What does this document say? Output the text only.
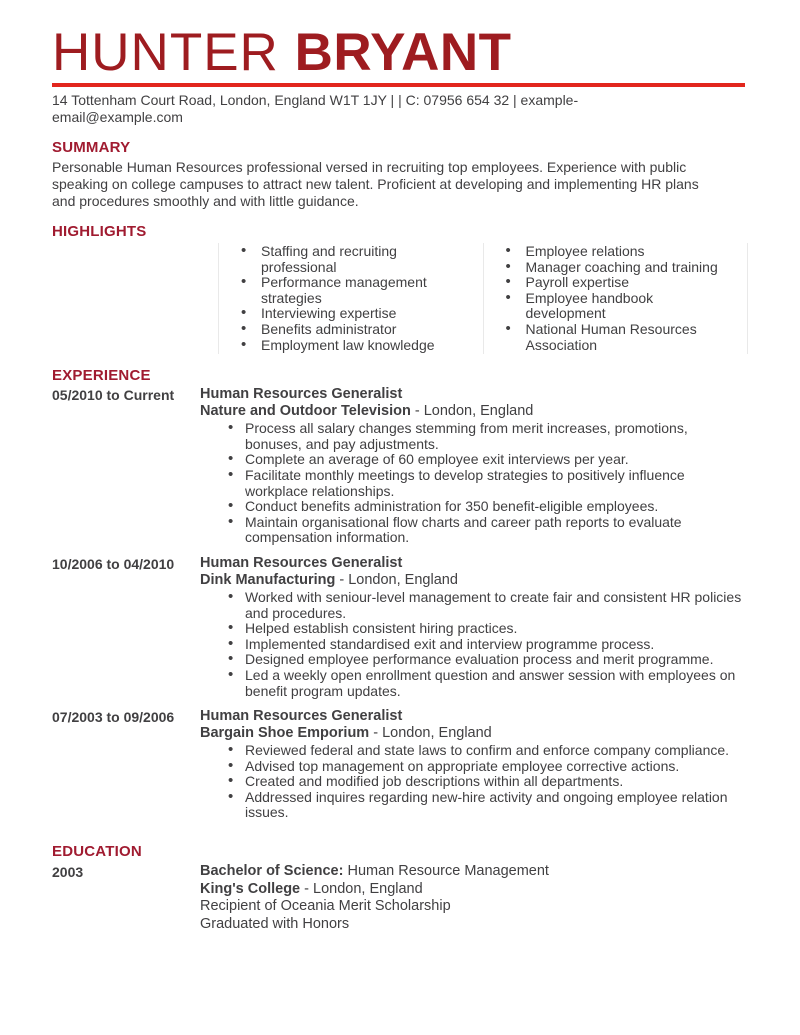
HUNTER BRYANT

14 Tottenham Court Road, London, England W1T 1JY | | C: 07956 654 32 | example-
email@example.com

SUMMARY

Personable Human Resources professional versed in recruiting top employees. Experience with public speaking on college campuses to attract new talent. Proficient at developing and implementing HR plans and procedures smoothly and with little guidance.

HIGHLIGHTS
• Staffing and recruiting professional
• Performance management strategies
• Interviewing expertise
• Benefits administrator
• Employment law knowledge
• Employee relations
• Manager coaching and training
• Payroll expertise
• Employee handbook development
• National Human Resources Association
EXPERIENCE
05/2010 to Current	Human Resources Generalist
Nature and Outdoor Television - London, England
• Process all salary changes stemming from merit increases, promotions, bonuses, and pay adjustments.
• Complete an average of 60 employee exit interviews per year.
• Facilitate monthly meetings to develop strategies to positively influence workplace relationships.
• Conduct benefits administration for 350 benefit-eligible employees.
• Maintain organisational flow charts and career path reports to evaluate compensation information.
10/2006 to 04/2010	Human Resources Generalist
Dink Manufacturing - London, England
• Worked with seniour-level management to create fair and consistent HR policies and procedures.
• Helped establish consistent hiring practices.
• Implemented standardised exit and interview programme process.
• Designed employee performance evaluation process and merit programme.
• Led a weekly open enrollment question and answer session with employees on benefit program updates.
07/2003 to 09/2006	Human Resources Generalist
Bargain Shoe Emporium - London, England
• Reviewed federal and state laws to confirm and enforce company compliance.
• Advised top management on appropriate employee corrective actions.
• Created and modified job descriptions within all departments.
• Addressed inquires regarding new-hire activity and ongoing employee relation issues.
EDUCATION
2003	Bachelor of Science: Human Resource Management
King's College - London, England
Recipient of Oceania Merit Scholarship
Graduated with Honors
